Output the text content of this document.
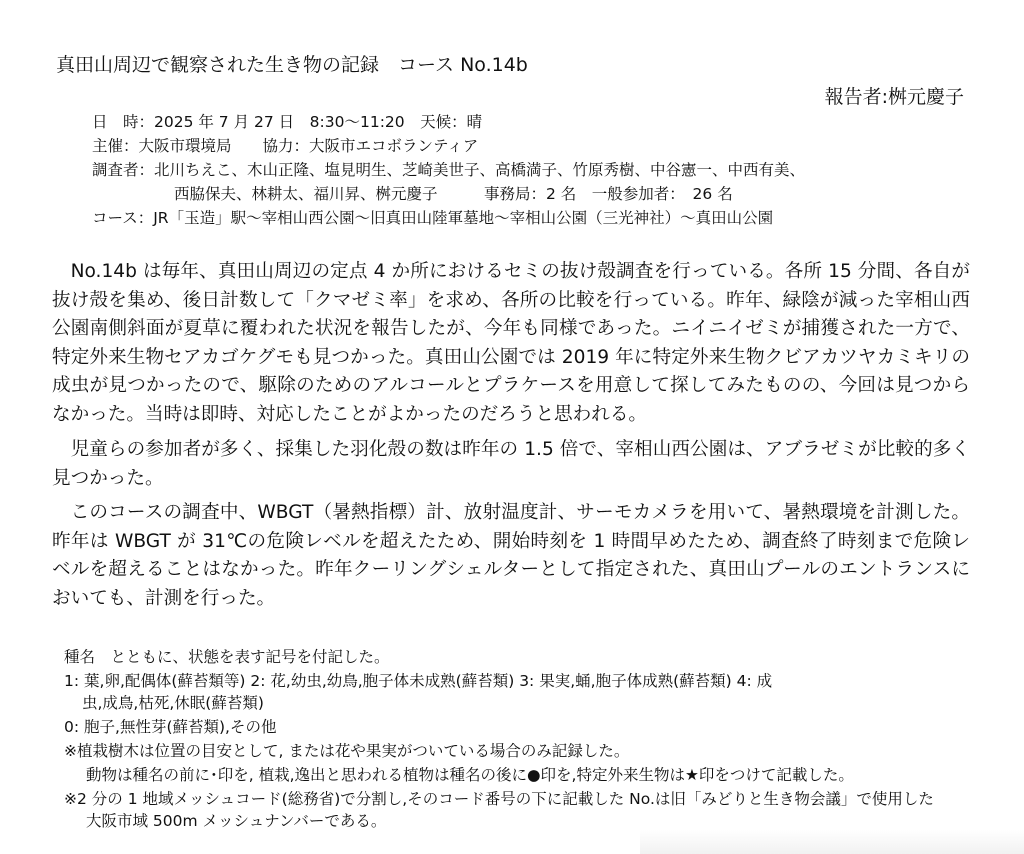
真田山周辺で観察された生き物の記録　コース No.14b
報告者:桝元慶子
日　時：2025 年 7 月 27 日　8:30～11:20　天候：晴
主催：大阪市環境局　　協力：大阪市エコボランティア
調査者：北川ちえこ、木山正隆、塩見明生、芝崎美世子、高橋満子、竹原秀樹、中谷憲一、中西有美、
西脇保夫、林耕太、福川昇、桝元慶子　　　事務局：2 名　一般参加者：　26 名
コース：JR「玉造」駅～宰相山西公園～旧真田山陸軍墓地～宰相山公園（三光神社）～真田山公園

No.14b は毎年、真田山周辺の定点 4 か所におけるセミの抜け殻調査を行っている。各所 15 分間、各自が抜け殻を集め、後日計数して「クマゼミ率」を求め、各所の比較を行っている。昨年、緑陰が減った宰相山西公園南側斜面が夏草に覆われた状況を報告したが、今年も同様であった。ニイニイゼミが捕獲された一方で、特定外来生物セアカゴケグモも見つかった。真田山公園では 2019 年に特定外来生物クビアカツヤカミキリの成虫が見つかったので、駆除のためのアルコールとプラケースを用意して探してみたものの、今回は見つからなかった。当時は即時、対応したことがよかったのだろうと思われる。

児童らの参加者が多く、採集した羽化殻の数は昨年の 1.5 倍で、宰相山西公園は、アブラゼミが比較的多く見つかった。

このコースの調査中、WBGT（暑熱指標）計、放射温度計、サーモカメラを用いて、暑熱環境を計測した。昨年は WBGT が 31℃の危険レベルを超えたため、開始時刻を 1 時間早めたため、調査終了時刻まで危険レベルを超えることはなかった。昨年クーリングシェルターとして指定された、真田山プールのエントランスにおいても、計測を行った。

種名　とともに、状態を表す記号を付記した。
1: 葉,卵,配偶体(蘚苔類等) 2: 花,幼虫,幼鳥,胞子体未成熟(蘚苔類) 3: 果実,蛹,胞子体成熟(蘚苔類) 4: 成
虫,成鳥,枯死,休眠(蘚苔類)
0: 胞子,無性芽(蘚苔類),その他
※植栽樹木は位置の目安として, または花や果実がついている場合のみ記録した。
動物は種名の前に･印を, 植栽,逸出と思われる植物は種名の後に●印を,特定外来生物は★印をつけて記載した。
※2 分の 1 地域メッシュコード(総務省)で分割し,そのコード番号の下に記載した No.は旧「みどりと生き物会議」で使用した
大阪市域 500m メッシュナンバーである。
